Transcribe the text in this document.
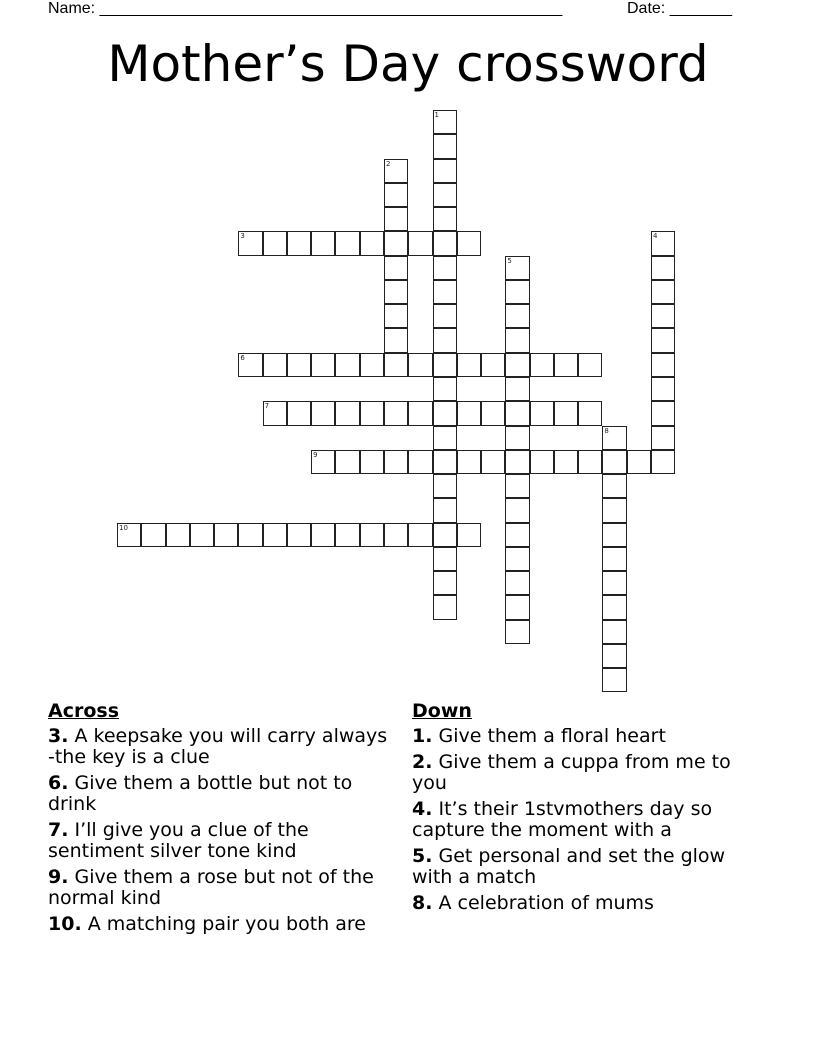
Name: ____________________________________________________	Date: _______
Mother’s Day crossword
1
2
3	4
5
6
7
8
9
10
Across
3. A keepsake you will carry always -the key is a clue
6. Give them a bottle but not to drink
7. I’ll give you a clue of the sentiment silver tone kind
9. Give them a rose but not of the normal kind
10. A matching pair you both are
Down
1. Give them a floral heart
2. Give them a cuppa from me to you
4. It’s their 1stvmothers day so capture the moment with a
5. Get personal and set the glow with a match
8. A celebration of mums
